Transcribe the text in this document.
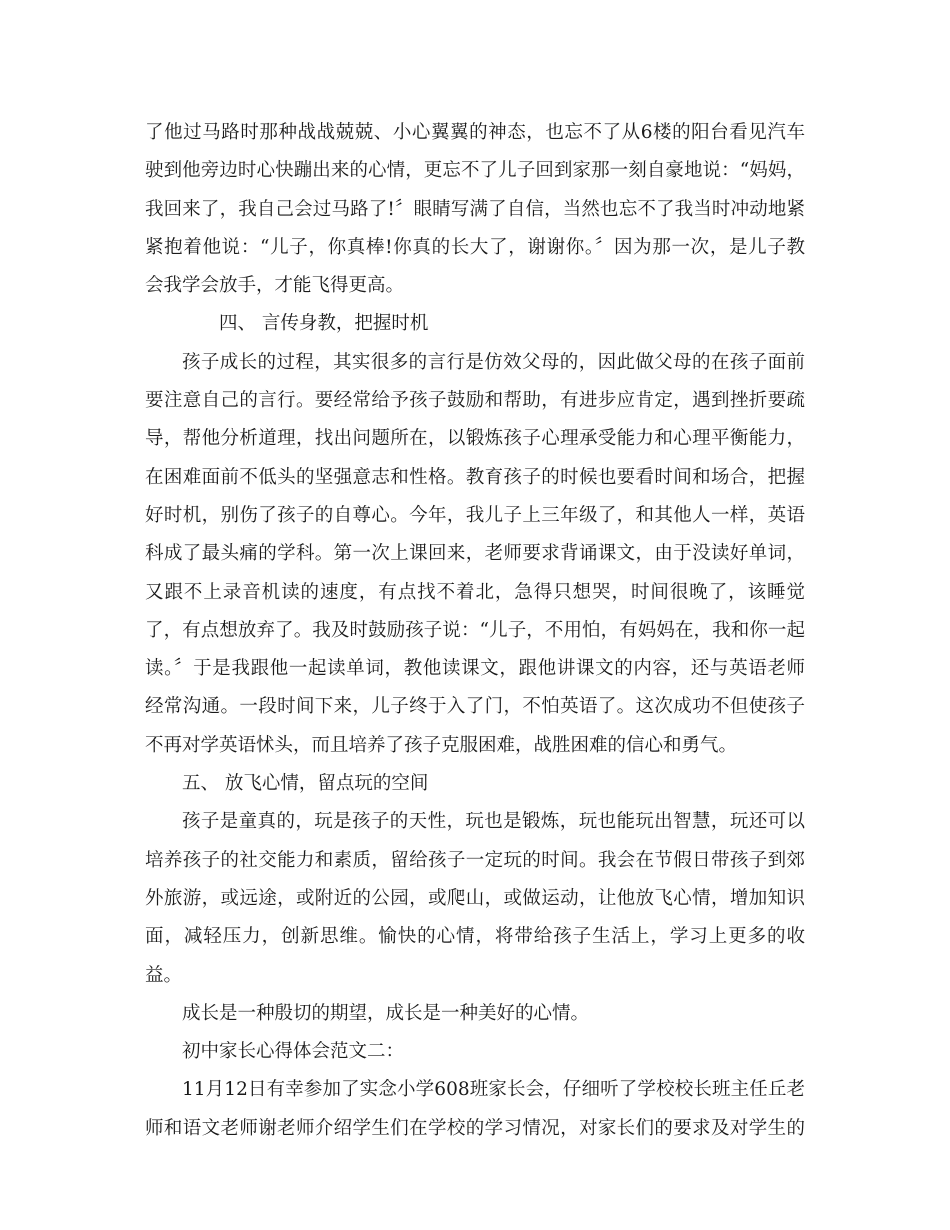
了他过马路时那种战战兢兢、小心翼翼的神态，也忘不了从6楼的阳台看见汽车
驶到他旁边时心快蹦出来的心情，更忘不了儿子回到家那一刻自豪地说：“妈妈，
我回来了，我自己会过马路了!〞眼睛写满了自信，当然也忘不了我当时冲动地紧
紧抱着他说：“儿子，你真棒!你真的长大了，谢谢你。〞因为那一次，是儿子教
会我学会放手，才能飞得更高。
四、 言传身教，把握时机
孩子成长的过程，其实很多的言行是仿效父母的，因此做父母的在孩子面前
要注意自己的言行。要经常给予孩子鼓励和帮助，有进步应肯定，遇到挫折要疏
导，帮他分析道理，找出问题所在，以锻炼孩子心理承受能力和心理平衡能力，
在困难面前不低头的坚强意志和性格。教育孩子的时候也要看时间和场合，把握
好时机，别伤了孩子的自尊心。今年，我儿子上三年级了，和其他人一样，英语
科成了最头痛的学科。第一次上课回来，老师要求背诵课文，由于没读好单词，
又跟不上录音机读的速度，有点找不着北，急得只想哭，时间很晚了，该睡觉
了，有点想放弃了。我及时鼓励孩子说：“儿子，不用怕，有妈妈在，我和你一起
读。〞于是我跟他一起读单词，教他读课文，跟他讲课文的内容，还与英语老师
经常沟通。一段时间下来，儿子终于入了门，不怕英语了。这次成功不但使孩子
不再对学英语怵头，而且培养了孩子克服困难，战胜困难的信心和勇气。
五、 放飞心情，留点玩的空间
孩子是童真的，玩是孩子的天性，玩也是锻炼，玩也能玩出智慧，玩还可以
培养孩子的社交能力和素质，留给孩子一定玩的时间。我会在节假日带孩子到郊
外旅游，或远途，或附近的公园，或爬山，或做运动，让他放飞心情，增加知识
面，减轻压力，创新思维。愉快的心情，将带给孩子生活上，学习上更多的收
益。
成长是一种殷切的期望，成长是一种美好的心情。
初中家长心得体会范文二：
11月12日有幸参加了实念小学608班家长会，仔细听了学校校长班主任丘老
师和语文老师谢老师介绍学生们在学校的学习情况，对家长们的要求及对学生的
